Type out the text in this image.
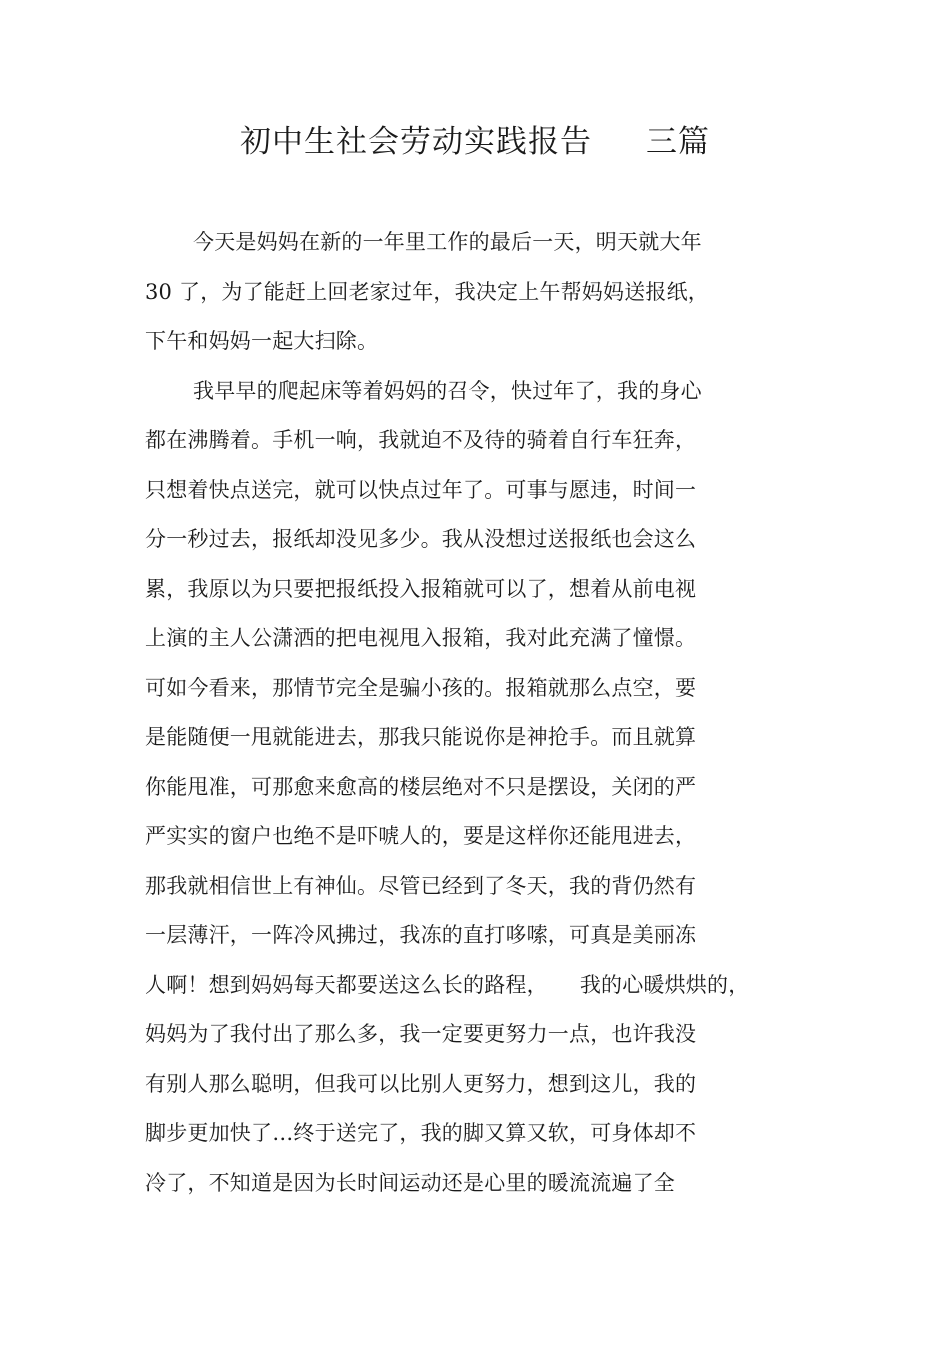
初中生社会劳动实践报告 三篇
今天是妈妈在新的一年里工作的最后一天，明天就大年
30 了，为了能赶上回老家过年，我决定上午帮妈妈送报纸，
下午和妈妈一起大扫除。
我早早的爬起床等着妈妈的召令，快过年了，我的身心
都在沸腾着。手机一响，我就迫不及待的骑着自行车狂奔，
只想着快点送完，就可以快点过年了。可事与愿违，时间一
分一秒过去，报纸却没见多少。我从没想过送报纸也会这么
累，我原以为只要把报纸投入报箱就可以了，想着从前电视
上演的主人公潇洒的把电视甩入报箱，我对此充满了憧憬。
可如今看来，那情节完全是骗小孩的。报箱就那么点空，要
是能随便一甩就能进去，那我只能说你是神抢手。而且就算
你能甩准，可那愈来愈高的楼层绝对不只是摆设，关闭的严
严实实的窗户也绝不是吓唬人的，要是这样你还能甩进去，
那我就相信世上有神仙。尽管已经到了冬天，我的背仍然有
一层薄汗，一阵冷风拂过，我冻的直打哆嗦，可真是美丽冻
人啊！想到妈妈每天都要送这么长的路程， 我的心暖烘烘的，
妈妈为了我付出了那么多，我一定要更努力一点，也许我没
有别人那么聪明，但我可以比别人更努力，想到这儿，我的
脚步更加快了…终于送完了，我的脚又算又软，可身体却不
冷了，不知道是因为长时间运动还是心里的暖流流遍了全
